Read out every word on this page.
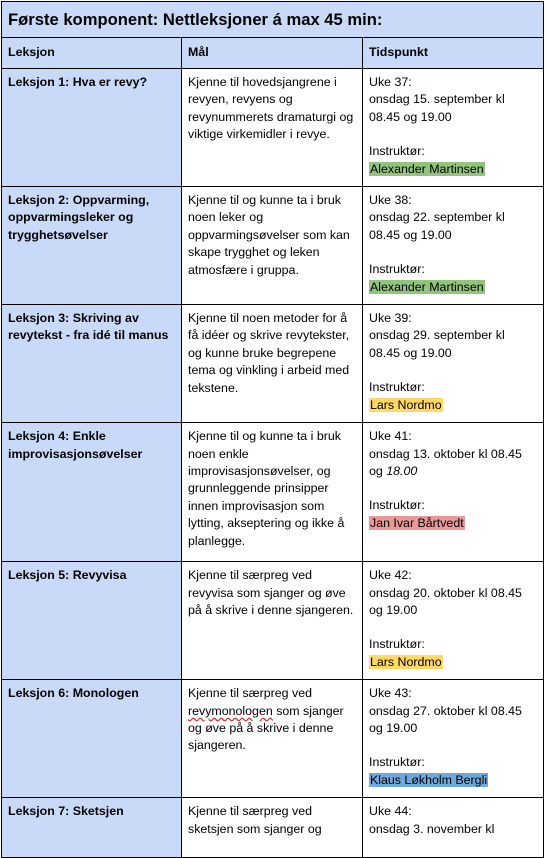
Første komponent: Nettleksjoner á max 45 min:		
Leksjon	Mål	Tidspunkt
Leksjon 1: Hva er revy?	Kjenne til hovedsjangrene i revyen, revyens og revynummerets dramaturgi og viktige virkemidler i revye.	Uke 37:
onsdag 15. september kl 08.45 og 19.00
Instruktør:
Alexander Martinsen
Leksjon 2: Oppvarming, oppvarmingsleker og trygghetsøvelser	Kjenne til og kunne ta i bruk noen leker og oppvarmingsøvelser som kan skape trygghet og leken atmosfære i gruppa.	Uke 38:
onsdag 22. september kl 08.45 og 19.00
Instruktør:
Alexander Martinsen
Leksjon 3: Skriving av revytekst - fra idé til manus	Kjenne til noen metoder for å få idéer og skrive revytekster, og kunne bruke begrepene tema og vinkling i arbeid med tekstene.	Uke 39:
onsdag 29. september kl 08.45 og 19.00
Instruktør:
Lars Nordmo
Leksjon 4: Enkle improvisasjonsøvelser	Kjenne til og kunne ta i bruk noen enkle improvisasjonsøvelser, og grunnleggende prinsipper innen improvisasjon som lytting, akseptering og ikke å planlegge.	Uke 41:
onsdag 13. oktober kl 08.45 og 18.00
Instruktør:
Jan Ivar Bårtvedt
Leksjon 5: Revyvisa	Kjenne til særpreg ved revyvisa som sjanger og øve på å skrive i denne sjangeren.	Uke 42:
onsdag 20. oktober kl 08.45 og 19.00
Instruktør:
Lars Nordmo
Leksjon 6: Monologen	Kjenne til særpreg ved revymonologen som sjanger og øve på å skrive i denne sjangeren.	Uke 43:
onsdag 27. oktober kl 08.45 og 19.00
Instruktør:
Klaus Løkholm Bergli
Leksjon 7: Sketsjen	Kjenne til særpreg ved sketsjen som sjanger og	Uke 44:
onsdag 3. november kl
